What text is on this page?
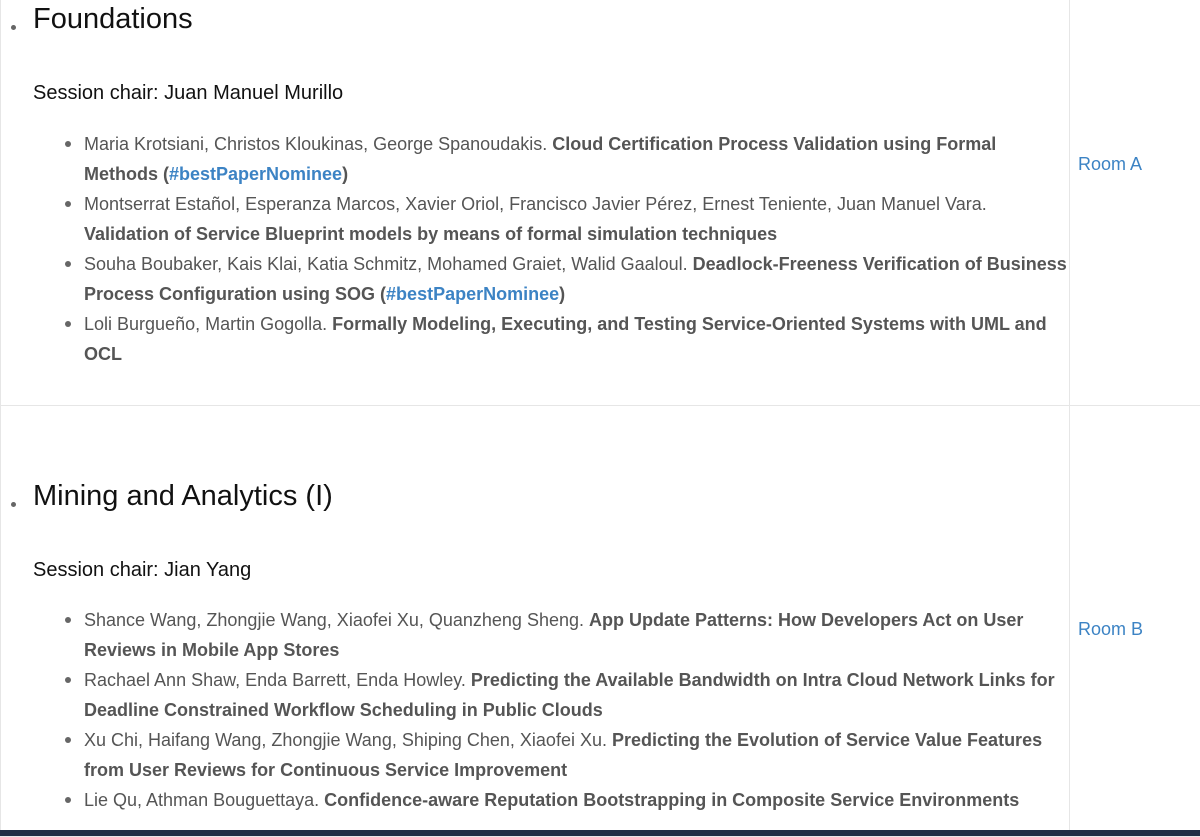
Foundations

Session chair: Juan Manuel Murillo

Maria Krotsiani, Christos Kloukinas, George Spanoudakis. Cloud Certification Process Validation using Formal Methods (#bestPaperNominee)
Montserrat Estañol, Esperanza Marcos, Xavier Oriol, Francisco Javier Pérez, Ernest Teniente, Juan Manuel Vara. Validation of Service Blueprint models by means of formal simulation techniques
Souha Boubaker, Kais Klai, Katia Schmitz, Mohamed Graiet, Walid Gaaloul. Deadlock-Freeness Verification of Business Process Configuration using SOG (#bestPaperNominee)
Loli Burgueño, Martin Gogolla. Formally Modeling, Executing, and Testing Service-Oriented Systems with UML and OCL
Room A
Mining and Analytics (I)

Session chair: Jian Yang

Shance Wang, Zhongjie Wang, Xiaofei Xu, Quanzheng Sheng. App Update Patterns: How Developers Act on User Reviews in Mobile App Stores
Rachael Ann Shaw, Enda Barrett, Enda Howley. Predicting the Available Bandwidth on Intra Cloud Network Links for Deadline Constrained Workflow Scheduling in Public Clouds
Xu Chi, Haifang Wang, Zhongjie Wang, Shiping Chen, Xiaofei Xu. Predicting the Evolution of Service Value Features from User Reviews for Continuous Service Improvement
Lie Qu, Athman Bouguettaya. Confidence-aware Reputation Bootstrapping in Composite Service Environments
Room B
